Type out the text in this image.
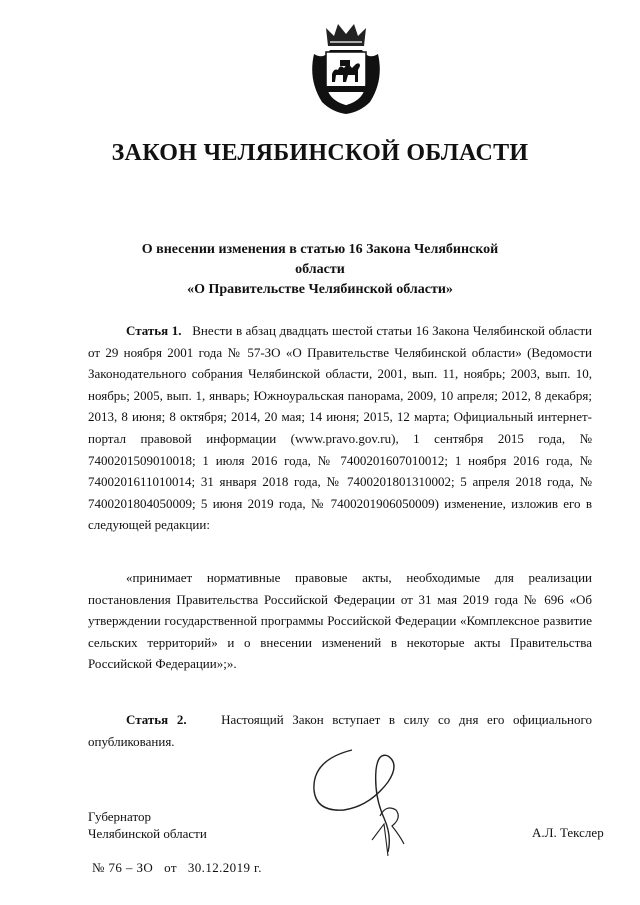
ЗАКОН ЧЕЛЯБИНСКОЙ ОБЛАСТИ
О внесении изменения в статью 16 Закона Челябинской области
«О Правительстве Челябинской области»
Статья 1. Внести в абзац двадцать шестой статьи 16 Закона Челябинской области от 29 ноября 2001 года № 57-ЗО «О Правительстве Челябинской области» (Ведомости Законодательного собрания Челябинской области, 2001, вып. 11, ноябрь; 2003, вып. 10, ноябрь; 2005, вып. 1, январь; Южноуральская панорама, 2009, 10 апреля; 2012, 8 декабря; 2013, 8 июня; 8 октября; 2014, 20 мая; 14 июня; 2015, 12 марта; Официальный интернет-портал правовой информации (www.pravo.gov.ru), 1 сентября 2015 года, № 7400201509010018; 1 июля 2016 года, № 7400201607010012; 1 ноября 2016 года, № 7400201611010014; 31 января 2018 года, № 7400201801310002; 5 апреля 2018 года, № 7400201804050009; 5 июня 2019 года, № 7400201906050009) изменение, изложив его в следующей редакции:
«принимает нормативные правовые акты, необходимые для реализации постановления Правительства Российской Федерации от 31 мая 2019 года № 696 «Об утверждении государственной программы Российской Федерации «Комплексное развитие сельских территорий» и о внесении изменений в некоторые акты Правительства Российской Федерации»;».
Статья 2.	Настоящий Закон вступает в силу со дня его официального опубликования.
Губернатор
Челябинской области	А.Л. Текслер
№ 76 – ЗО от 30.12.2019 г.
